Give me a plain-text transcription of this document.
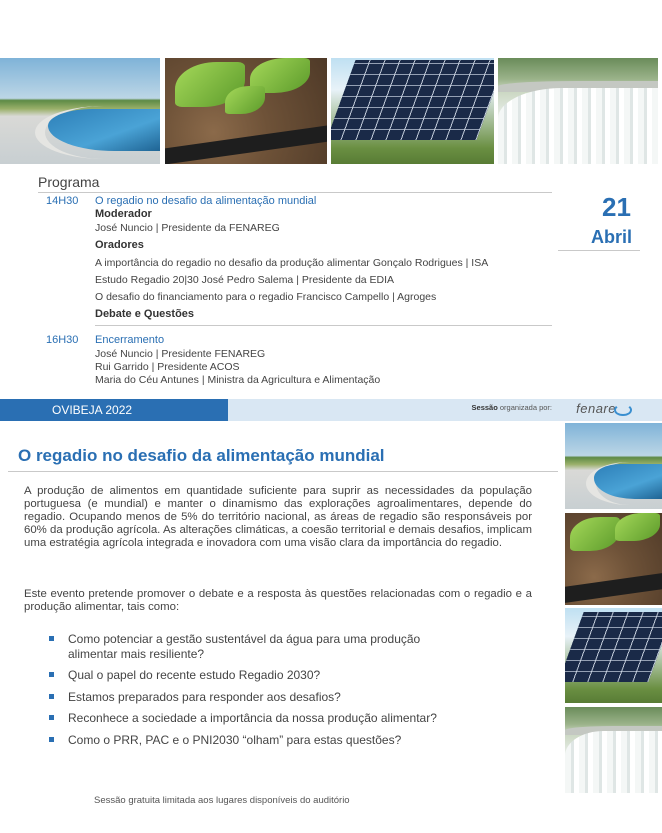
Programa
14H30 O regadio no desafio da alimentação mundial
Moderador
José Nuncio | Presidente da FENAREG
Oradores
A importância do regadio no desafio da produção alimentar Gonçalo Rodrigues | ISA
Estudo Regadio 20|30 José Pedro Salema | Presidente da EDIA
O desafio do financiamento para o regadio Francisco Campello | Agroges
Debate e Questões
16H30 Encerramento
José Nuncio | Presidente FENAREG
Rui Garrido | Presidente ACOS
Maria do Céu Antunes | Ministra da Agricultura e Alimentação
21
Abril
OVIBEJA 2022	Sessão organizada por: fenare
O regadio no desafio da alimentação mundial
A produção de alimentos em quantidade suficiente para suprir as necessidades da população portuguesa (e mundial) e manter o dinamismo das explorações agroalimentares, depende do regadio. Ocupando menos de 5% do território nacional, as áreas de regadio são responsáveis por 60% da produção agrícola. As alterações climáticas, a coesão territorial e demais desafios, implicam uma estratégia agrícola integrada e inovadora com uma visão clara da importância do regadio.
Este evento pretende promover o debate e a resposta às questões relacionadas com o regadio e a produção alimentar, tais como:
Como potenciar a gestão sustentável da água para uma produção alimentar mais resiliente?
Qual o papel do recente estudo Regadio 2030?
Estamos preparados para responder aos desafios?
Reconhece a sociedade a importância da nossa produção alimentar?
Como o PRR, PAC e o PNI2030 “olham” para estas questões?
Sessão gratuita limitada aos lugares disponíveis do auditório
